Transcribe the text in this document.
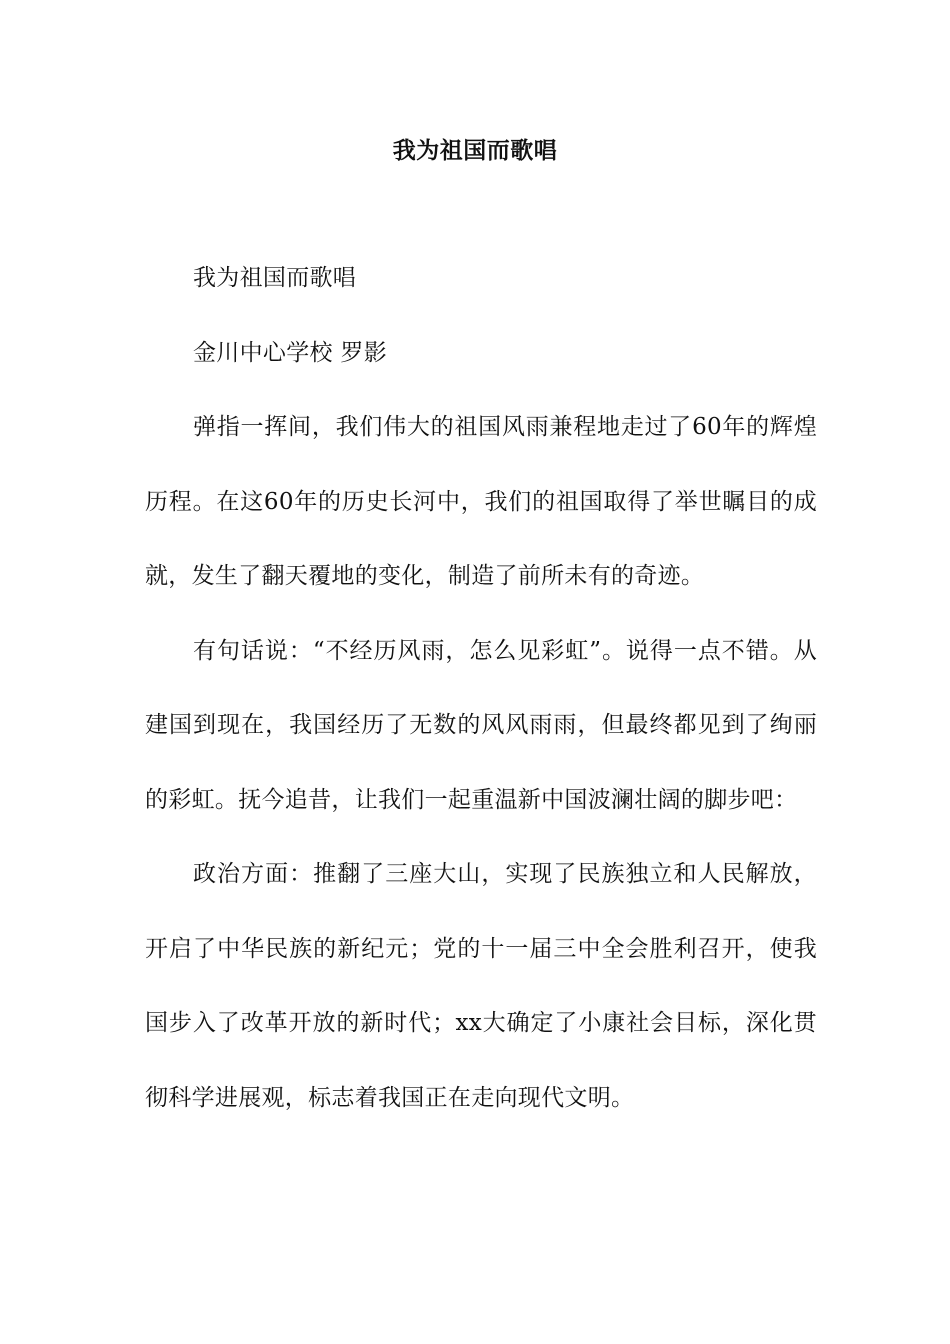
我为祖国而歌唱

我为祖国而歌唱

金川中心学校 罗影

弹指一挥间，我们伟大的祖国风雨兼程地走过了60年的辉煌历程。在这60年的历史长河中，我们的祖国取得了举世瞩目的成就，发生了翻天覆地的变化，制造了前所未有的奇迹。

有句话说：“不经历风雨，怎么见彩虹”。说得一点不错。从建国到现在，我国经历了无数的风风雨雨，但最终都见到了绚丽的彩虹。抚今追昔，让我们一起重温新中国波澜壮阔的脚步吧：

政治方面：推翻了三座大山，实现了民族独立和人民解放，开启了中华民族的新纪元；党的十一届三中全会胜利召开，使我国步入了改革开放的新时代；xx大确定了小康社会目标，深化贯彻科学进展观，标志着我国正在走向现代文明。
